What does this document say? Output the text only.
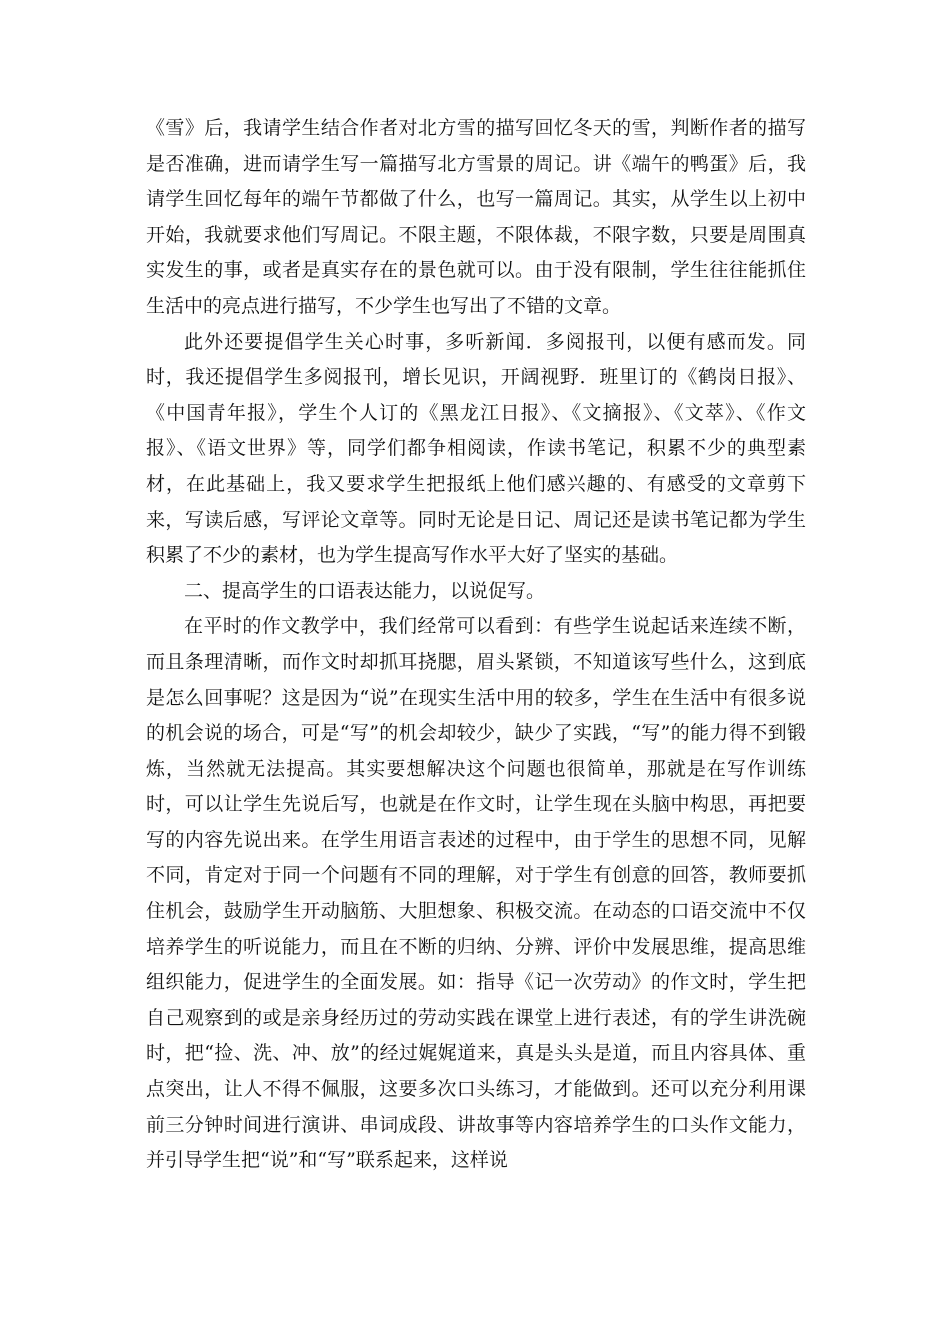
《雪》后，我请学生结合作者对北方雪的描写回忆冬天的雪，判断作者的描写是否准确，进而请学生写一篇描写北方雪景的周记。讲《端午的鸭蛋》后，我请学生回忆每年的端午节都做了什么，也写一篇周记。其实，从学生以上初中开始，我就要求他们写周记。不限主题，不限体裁，不限字数，只要是周围真实发生的事，或者是真实存在的景色就可以。由于没有限制，学生往往能抓住生活中的亮点进行描写，不少学生也写出了不错的文章。

此外还要提倡学生关心时事，多听新闻．多阅报刊，以便有感而发。同时，我还提倡学生多阅报刊，增长见识，开阔视野．班里订的《鹤岗日报》、《中国青年报》，学生个人订的《黑龙江日报》、《文摘报》、《文萃》、《作文报》、《语文世界》等，同学们都争相阅读，作读书笔记，积累不少的典型素材，在此基础上，我又要求学生把报纸上他们感兴趣的、有感受的文章剪下来，写读后感，写评论文章等。同时无论是日记、周记还是读书笔记都为学生积累了不少的素材，也为学生提高写作水平大好了坚实的基础。

二、提高学生的口语表达能力，以说促写。

在平时的作文教学中，我们经常可以看到：有些学生说起话来连续不断，而且条理清晰，而作文时却抓耳挠腮，眉头紧锁，不知道该写些什么，这到底是怎么回事呢？这是因为“说”在现实生活中用的较多，学生在生活中有很多说的机会说的场合，可是“写”的机会却较少，缺少了实践，“写”的能力得不到锻炼，当然就无法提高。其实要想解决这个问题也很简单，那就是在写作训练时，可以让学生先说后写，也就是在作文时，让学生现在头脑中构思，再把要写的内容先说出来。在学生用语言表述的过程中，由于学生的思想不同，见解不同，肯定对于同一个问题有不同的理解，对于学生有创意的回答，教师要抓住机会，鼓励学生开动脑筋、大胆想象、积极交流。在动态的口语交流中不仅培养学生的听说能力，而且在不断的归纳、分辨、评价中发展思维，提高思维组织能力，促进学生的全面发展。如：指导《记一次劳动》的作文时，学生把自己观察到的或是亲身经历过的劳动实践在课堂上进行表述，有的学生讲洗碗时，把“捡、洗、冲、放”的经过娓娓道来，真是头头是道，而且内容具体、重点突出，让人不得不佩服，这要多次口头练习，才能做到。还可以充分利用课前三分钟时间进行演讲、串词成段、讲故事等内容培养学生的口头作文能力，并引导学生把“说”和“写”联系起来，这样说
